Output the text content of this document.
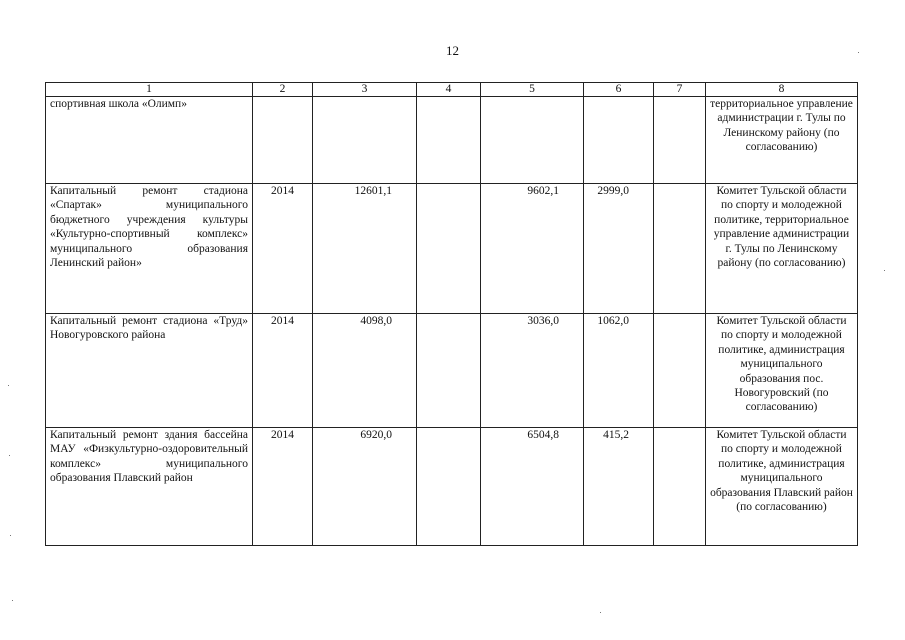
12
1	2	3	4	5	6	7	8
спортивная школа «Олимп»							территориальное управление администрации г. Тулы по Ленинскому району (по согласованию)
Капитальный ремонт стадиона «Спартак» муниципального бюджетного учреждения культуры «Культурно-спортивный комплекс» муниципального образования Ленинский район»	2014	12601,1		9602,1	2999,0		Комитет Тульской области по спорту и молодежной политике, территориальное управление администрации г. Тулы по Ленинскому району (по согласованию)
Капитальный ремонт стадиона «Труд» Новогуровского района	2014	4098,0		3036,0	1062,0		Комитет Тульской области по спорту и молодежной политике, администрация муниципального образования пос. Новогуровский (по согласованию)
Капитальный ремонт здания бассейна МАУ «Физкультурно-оздоровительный комплекс» муниципального образования Плавский район	2014	6920,0		6504,8	415,2		Комитет Тульской области по спорту и молодежной политике, администрация муниципального образования Плавский район (по согласованию)
